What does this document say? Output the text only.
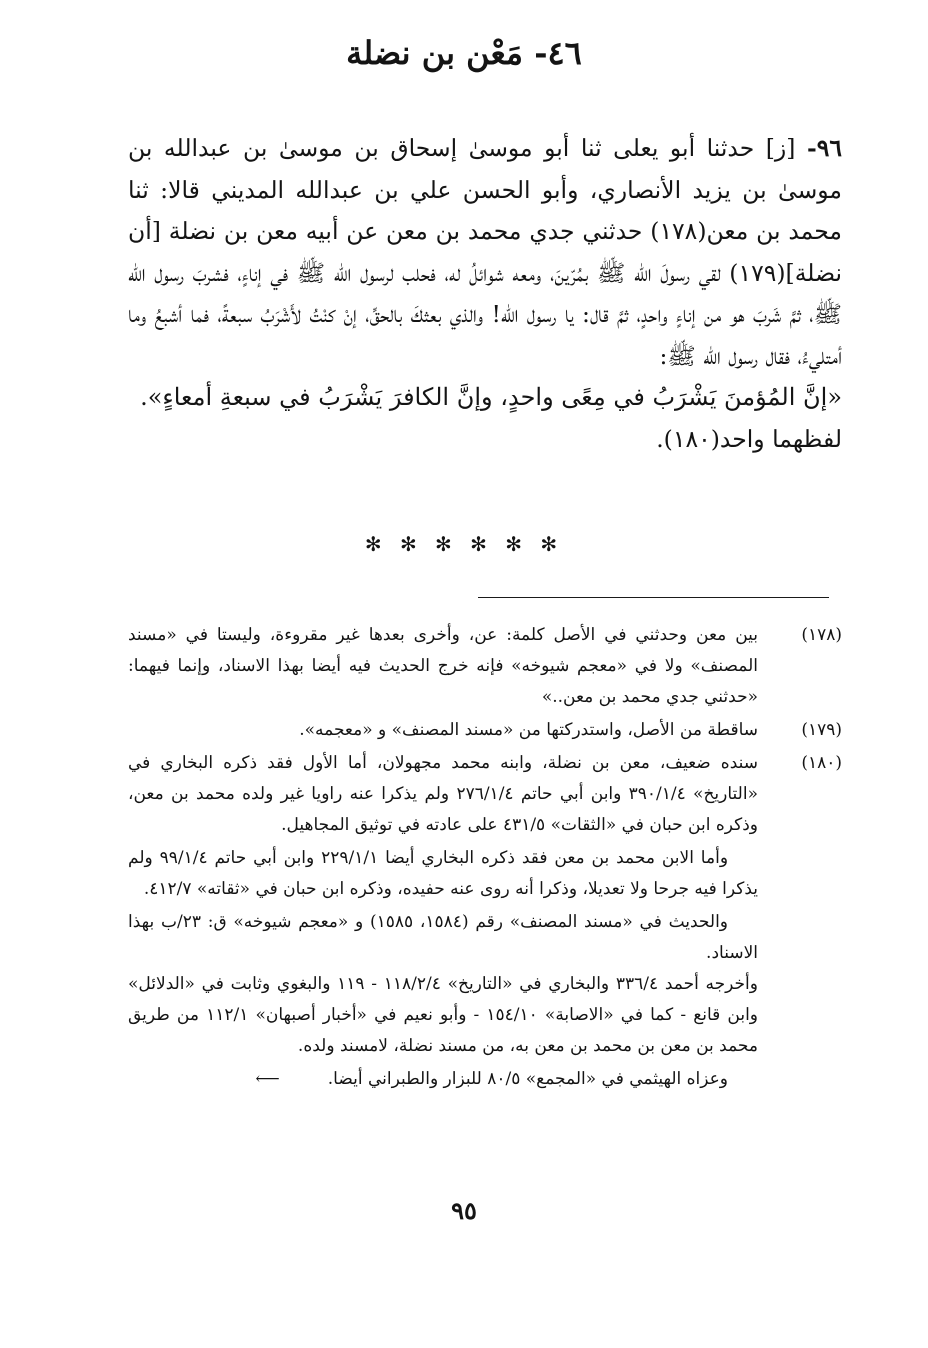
٤٦- مَعْن بن نضلة

٩٦- [ز] حدثنا أبو يعلى ثنا أبو موسىٰ إسحاق بن موسىٰ بن عبدالله بن موسىٰ بن يزيد الأنصاري، وأبو الحسن علي بن عبدالله المديني قالا: ثنا محمد بن معن(١٧٨) حدثني جدي محمد بن معن عن أبيه معن بن نضلة [أن نضلة](١٧٩) لقي رسولَ الله ﷺ بمُرّينَ، ومعه شوائلُ له، فحلب لرسول الله ﷺ في إناءٍ، فشربَ رسول الله ﷺ، ثمَّ شَربَ هو من إناءٍ واحدٍ، ثمَّ قال: يا رسول الله! والذي بعثكَ بالحقِّ، إنْ كنْتُ لأَشْرَبُ سبعةً، فما أشبعُ وما أمتليءُ، فقال رسول الله ﷺ:

«إنَّ المُؤمنَ يَشْرَبُ في مِعًى واحدٍ، وإنَّ الكافرَ يَشْرَبُ في سبعةِ أمعاءٍ».

لفظهما واحد(١٨٠).

✻ ✻ ✻ ✻ ✻ ✻
(١٧٨)

بين معن وحدثني في الأصل كلمة: عن، وأخرى بعدها غير مقروءة، وليستا في «مسند المصنف» ولا في «معجم شيوخه» فإنه خرج الحديث فيه أيضا بهذا الاسناد، وإنما فيهما: «حدثني جدي محمد بن معن..»

(١٧٩)

ساقطة من الأصل، واستدركتها من «مسند المصنف» و «معجمه».

(١٨٠)

سنده ضعيف، معن بن نضلة، وابنه محمد مجهولان، أما الأول فقد ذكره البخاري في «التاريخ» ٣٩٠/١/٤ وابن أبي حاتم ٢٧٦/١/٤ ولم يذكرا عنه راويا غير ولده محمد بن معن، وذكره ابن حبان في «الثقات» ٤٣١/٥ على عادته في توثيق المجاهيل.

وأما الابن محمد بن معن فقد ذكره البخاري أيضا ٢٢٩/١/١ وابن أبي حاتم ٩٩/١/٤ ولم يذكرا فيه جرحا ولا تعديلا، وذكرا أنه روى عنه حفيده، وذكره ابن حبان في «ثقاته» ٤١٢/٧.

والحديث في «مسند المصنف» رقم (١٥٨٤، ١٥٨٥) و «معجم شيوخه» ق: ٢٣/ب بهذا الاسناد.

وأخرجه أحمد ٣٣٦/٤ والبخاري في «التاريخ» ١١٨/٢/٤ - ١١٩ والبغوي وثابت في «الدلائل» وابن قانع - كما في «الاصابة» ١٥٤/١٠ - وأبو نعيم في «أخبار أصبهان» ١١٢/١ من طريق محمد بن معن بن محمد بن معن به، من مسند نضلة، لامسند ولده.

وعزاه الهيثمي في «المجمع» ٨٠/٥ للبزار والطبراني أيضا.⟵

٩٥
